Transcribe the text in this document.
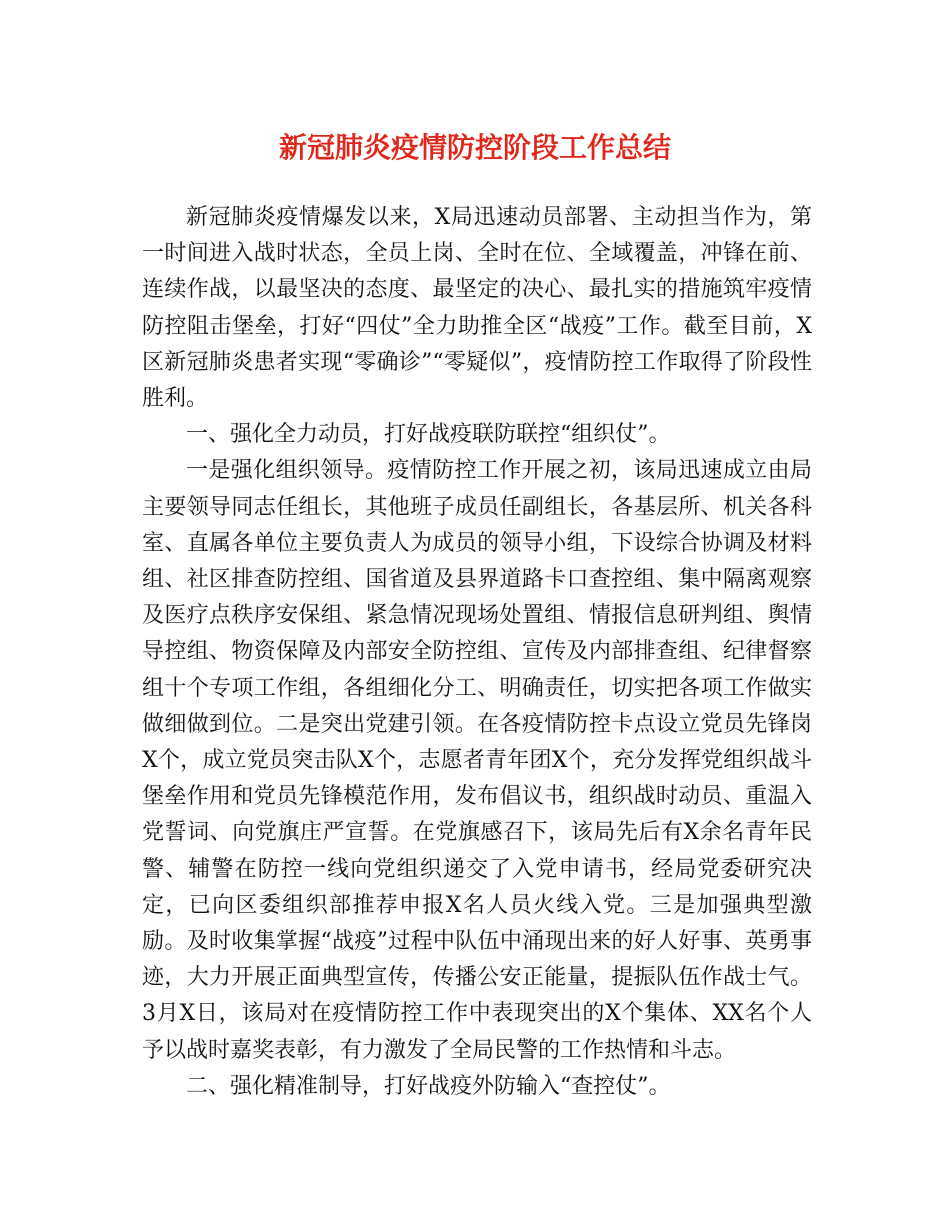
新冠肺炎疫情防控阶段工作总结

新冠肺炎疫情爆发以来，X局迅速动员部署、主动担当作为，第一时间进入战时状态，全员上岗、全时在位、全域覆盖，冲锋在前、连续作战，以最坚决的态度、最坚定的决心、最扎实的措施筑牢疫情防控阻击堡垒，打好“四仗”全力助推全区“战疫”工作。截至目前，X区新冠肺炎患者实现“零确诊”“零疑似”，疫情防控工作取得了阶段性胜利。

一、强化全力动员，打好战疫联防联控“组织仗”。

一是强化组织领导。疫情防控工作开展之初，该局迅速成立由局主要领导同志任组长，其他班子成员任副组长，各基层所、机关各科室、直属各单位主要负责人为成员的领导小组，下设综合协调及材料组、社区排查防控组、国省道及县界道路卡口查控组、集中隔离观察及医疗点秩序安保组、紧急情况现场处置组、情报信息研判组、舆情导控组、物资保障及内部安全防控组、宣传及内部排查组、纪律督察组十个专项工作组，各组细化分工、明确责任，切实把各项工作做实做细做到位。二是突出党建引领。在各疫情防控卡点设立党员先锋岗X个，成立党员突击队X个，志愿者青年团X个，充分发挥党组织战斗堡垒作用和党员先锋模范作用，发布倡议书，组织战时动员、重温入党誓词、向党旗庄严宣誓。在党旗感召下，该局先后有X余名青年民警、辅警在防控一线向党组织递交了入党申请书，经局党委研究决定，已向区委组织部推荐申报X名人员火线入党。三是加强典型激励。及时收集掌握“战疫”过程中队伍中涌现出来的好人好事、英勇事迹，大力开展正面典型宣传，传播公安正能量，提振队伍作战士气。3月X日，该局对在疫情防控工作中表现突出的X个集体、XX名个人予以战时嘉奖表彰，有力激发了全局民警的工作热情和斗志。

二、强化精准制导，打好战疫外防输入“查控仗”。
